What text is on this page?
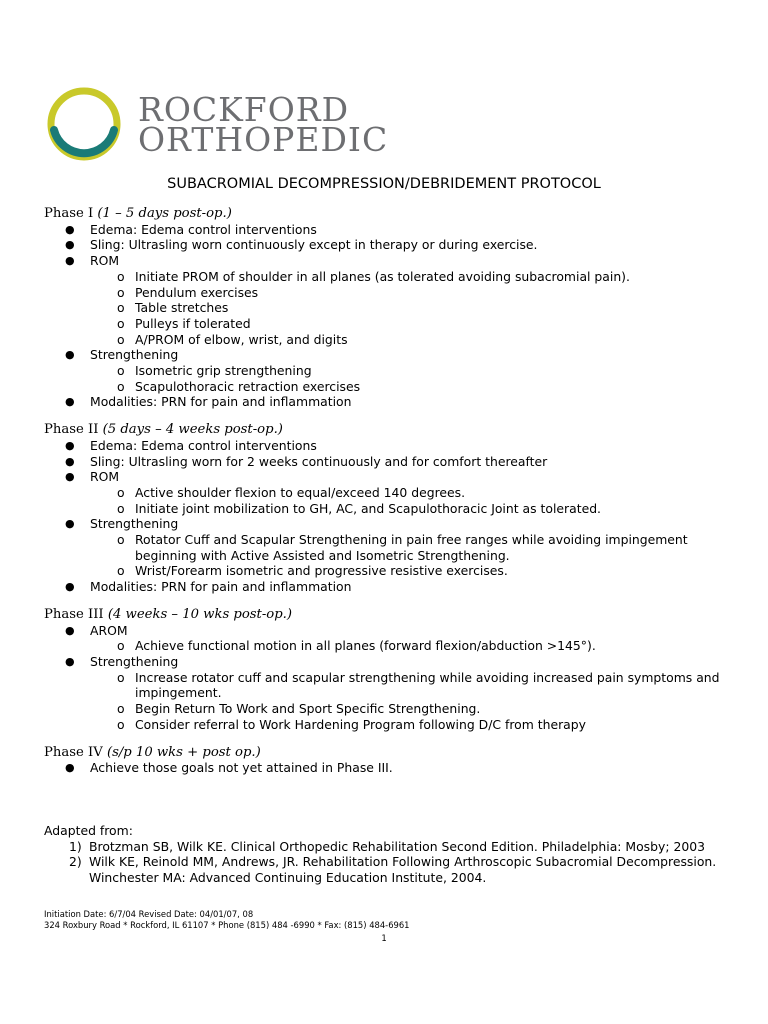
ROCKFORD
ORTHOPEDIC
SUBACROMIAL DECOMPRESSION/DEBRIDEMENT PROTOCOL
Phase I (1 – 5 days post-op.)
● Edema: Edema control interventions
● Sling: Ultrasling worn continuously except in therapy or during exercise.
● ROM
o Initiate PROM of shoulder in all planes (as tolerated avoiding subacromial pain).
o Pendulum exercises
o Table stretches
o Pulleys if tolerated
o A/PROM of elbow, wrist, and digits
● Strengthening
o Isometric grip strengthening
o Scapulothoracic retraction exercises
● Modalities: PRN for pain and inflammation
Phase II (5 days – 4 weeks post-op.)
● Edema: Edema control interventions
● Sling: Ultrasling worn for 2 weeks continuously and for comfort thereafter
● ROM
o Active shoulder flexion to equal/exceed 140 degrees.
o Initiate joint mobilization to GH, AC, and Scapulothoracic Joint as tolerated.
● Strengthening
o Rotator Cuff and Scapular Strengthening in pain free ranges while avoiding impingement beginning with Active Assisted and Isometric Strengthening.
o Wrist/Forearm isometric and progressive resistive exercises.
● Modalities: PRN for pain and inflammation
Phase III (4 weeks – 10 wks post-op.)
● AROM
o Achieve functional motion in all planes (forward flexion/abduction >145°).
● Strengthening
o Increase rotator cuff and scapular strengthening while avoiding increased pain symptoms and impingement.
o Begin Return To Work and Sport Specific Strengthening.
o Consider referral to Work Hardening Program following D/C from therapy
Phase IV (s/p 10 wks + post op.)
● Achieve those goals not yet attained in Phase III.
Adapted from:
1) Brotzman SB, Wilk KE. Clinical Orthopedic Rehabilitation Second Edition. Philadelphia: Mosby; 2003
2) Wilk KE, Reinold MM, Andrews, JR. Rehabilitation Following Arthroscopic Subacromial Decompression. Winchester MA: Advanced Continuing Education Institute, 2004.
Initiation Date: 6/7/04 Revised Date: 04/01/07, 08
324 Roxbury Road * Rockford, IL 61107 * Phone (815) 484 -6990 * Fax: (815) 484-6961
1
